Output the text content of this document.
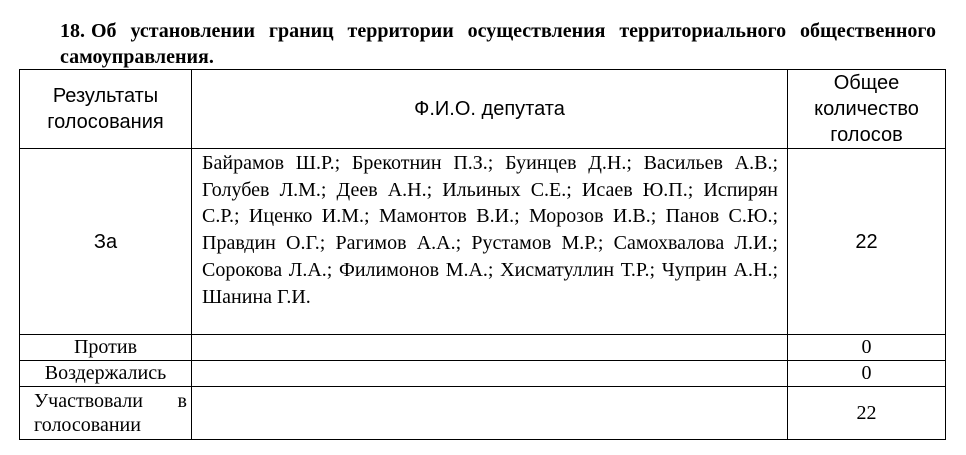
18. Об установлении границ территории осуществления территориального общественного самоуправления.
Результаты голосования	Ф.И.О. депутата	Общее количество голосов
За	Байрамов Ш.Р.; Брекотнин П.З.; Буинцев Д.Н.; Васильев А.В.; Голубев Л.М.; Деев А.Н.; Ильиных С.Е.; Исаев Ю.П.; Испирян С.Р.; Иценко И.М.; Мамонтов В.И.; Морозов И.В.; Панов С.Ю.; Правдин О.Г.; Рагимов А.А.; Рустамов М.Р.; Самохвалова Л.И.; Сорокова Л.А.; Филимонов М.А.; Хисматуллин Т.Р.; Чуприн А.Н.; Шанина Г.И.	22
Против		0
Воздержались		0
Участвовали в голосовании		22
